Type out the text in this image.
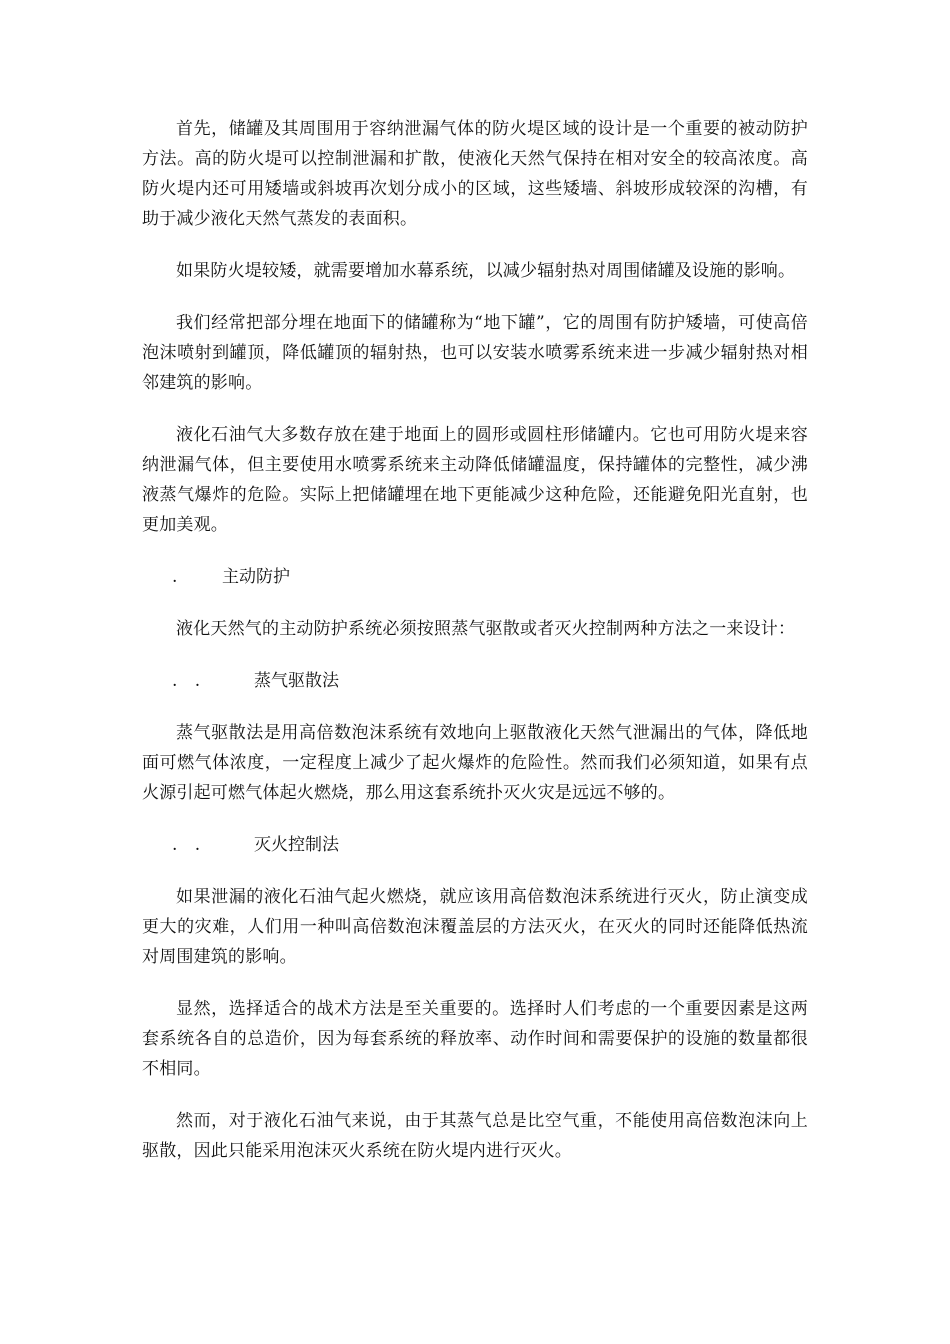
首先，储罐及其周围用于容纳泄漏气体的防火堤区域的设计是一个重要的被动防护方法。高的防火堤可以控制泄漏和扩散，使液化天然气保持在相对安全的较高浓度。高防火堤内还可用矮墙或斜坡再次划分成小的区域，这些矮墙、斜坡形成较深的沟槽，有助于减少液化天然气蒸发的表面积。

如果防火堤较矮，就需要增加水幕系统，以减少辐射热对周围储罐及设施的影响。

我们经常把部分埋在地面下的储罐称为“地下罐”，它的周围有防护矮墙，可使高倍泡沫喷射到罐顶，降低罐顶的辐射热，也可以安装水喷雾系统来进一步减少辐射热对相邻建筑的影响。

液化石油气大多数存放在建于地面上的圆形或圆柱形储罐内。它也可用防火堤来容纳泄漏气体，但主要使用水喷雾系统来主动降低储罐温度，保持罐体的完整性，减少沸液蒸气爆炸的危险。实际上把储罐埋在地下更能减少这种危险，还能避免阳光直射，也更加美观。

.	主动防护

液化天然气的主动防护系统必须按照蒸气驱散或者灭火控制两种方法之一来设计：

. .	蒸气驱散法

蒸气驱散法是用高倍数泡沫系统有效地向上驱散液化天然气泄漏出的气体，降低地面可燃气体浓度，一定程度上减少了起火爆炸的危险性。然而我们必须知道，如果有点火源引起可燃气体起火燃烧，那么用这套系统扑灭火灾是远远不够的。

. .	灭火控制法

如果泄漏的液化石油气起火燃烧，就应该用高倍数泡沫系统进行灭火，防止演变成更大的灾难，人们用一种叫高倍数泡沫覆盖层的方法灭火，在灭火的同时还能降低热流对周围建筑的影响。

显然，选择适合的战术方法是至关重要的。选择时人们考虑的一个重要因素是这两套系统各自的总造价，因为每套系统的释放率、动作时间和需要保护的设施的数量都很不相同。

然而，对于液化石油气来说，由于其蒸气总是比空气重，不能使用高倍数泡沫向上驱散，因此只能采用泡沫灭火系统在防火堤内进行灭火。
